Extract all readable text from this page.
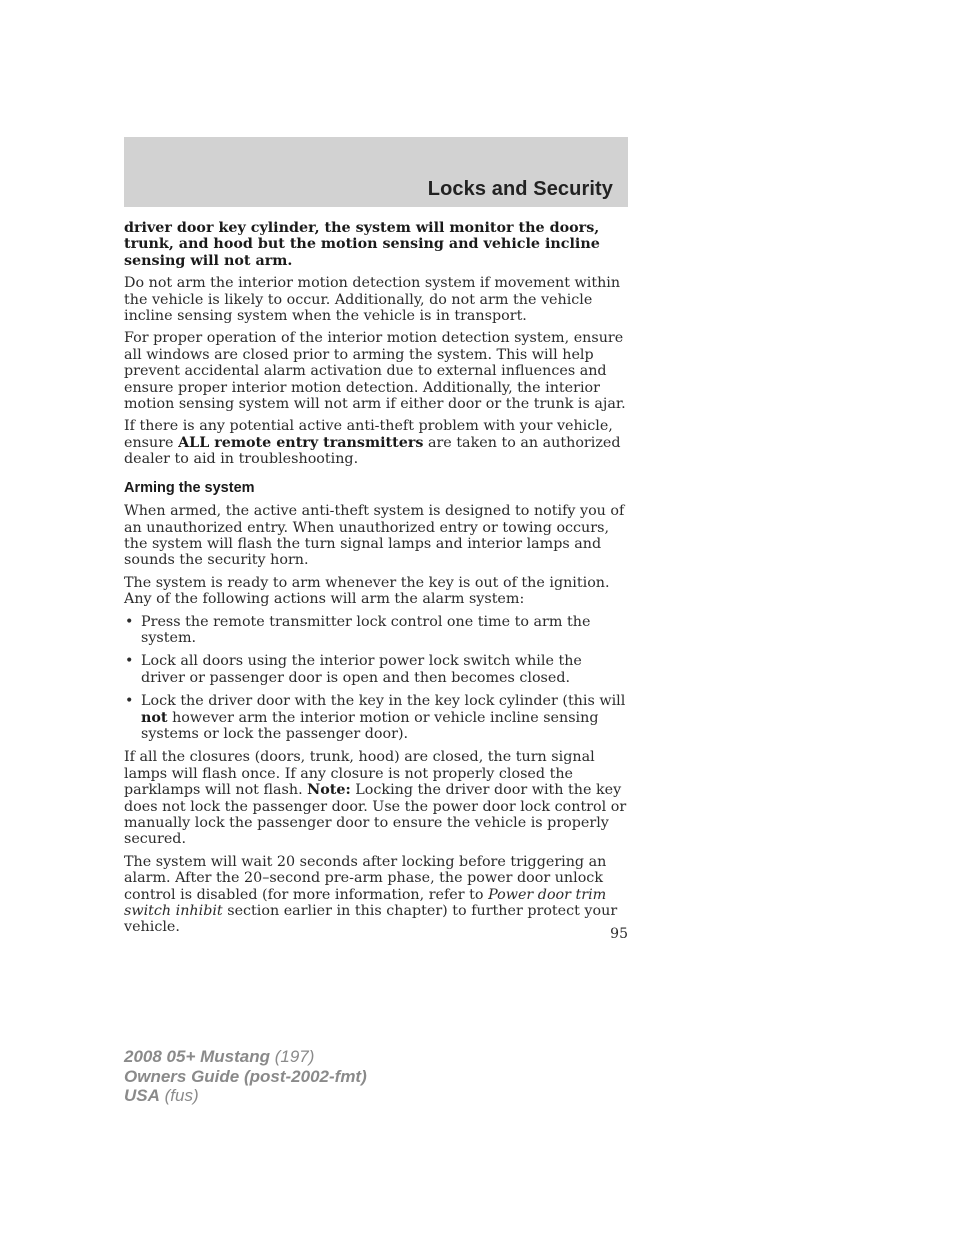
Locks and Security

driver door key cylinder, the system will monitor the doors, trunk, and hood but the motion sensing and vehicle incline sensing will not arm.

Do not arm the interior motion detection system if movement within the vehicle is likely to occur. Additionally, do not arm the vehicle incline sensing system when the vehicle is in transport.

For proper operation of the interior motion detection system, ensure all windows are closed prior to arming the system. This will help prevent accidental alarm activation due to external influences and ensure proper interior motion detection. Additionally, the interior motion sensing system will not arm if either door or the trunk is ajar.

If there is any potential active anti-theft problem with your vehicle, ensure ALL remote entry transmitters are taken to an authorized dealer to aid in troubleshooting.

Arming the system

When armed, the active anti-theft system is designed to notify you of an unauthorized entry. When unauthorized entry or towing occurs, the system will flash the turn signal lamps and interior lamps and sounds the security horn.

The system is ready to arm whenever the key is out of the ignition. Any of the following actions will arm the alarm system:

• Press the remote transmitter lock control one time to arm the system.
• Lock all doors using the interior power lock switch while the driver or passenger door is open and then becomes closed.
• Lock the driver door with the key in the key lock cylinder (this will not however arm the interior motion or vehicle incline sensing systems or lock the passenger door).

If all the closures (doors, trunk, hood) are closed, the turn signal lamps will flash once. If any closure is not properly closed the parklamps will not flash. Note: Locking the driver door with the key does not lock the passenger door. Use the power door lock control or manually lock the passenger door to ensure the vehicle is properly secured.

The system will wait 20 seconds after locking before triggering an alarm. After the 20–second pre-arm phase, the power door unlock control is disabled (for more information, refer to Power door trim switch inhibit section earlier in this chapter) to further protect your vehicle.	95
2008 05+ Mustang (197)
Owners Guide (post-2002-fmt)
USA (fus)
